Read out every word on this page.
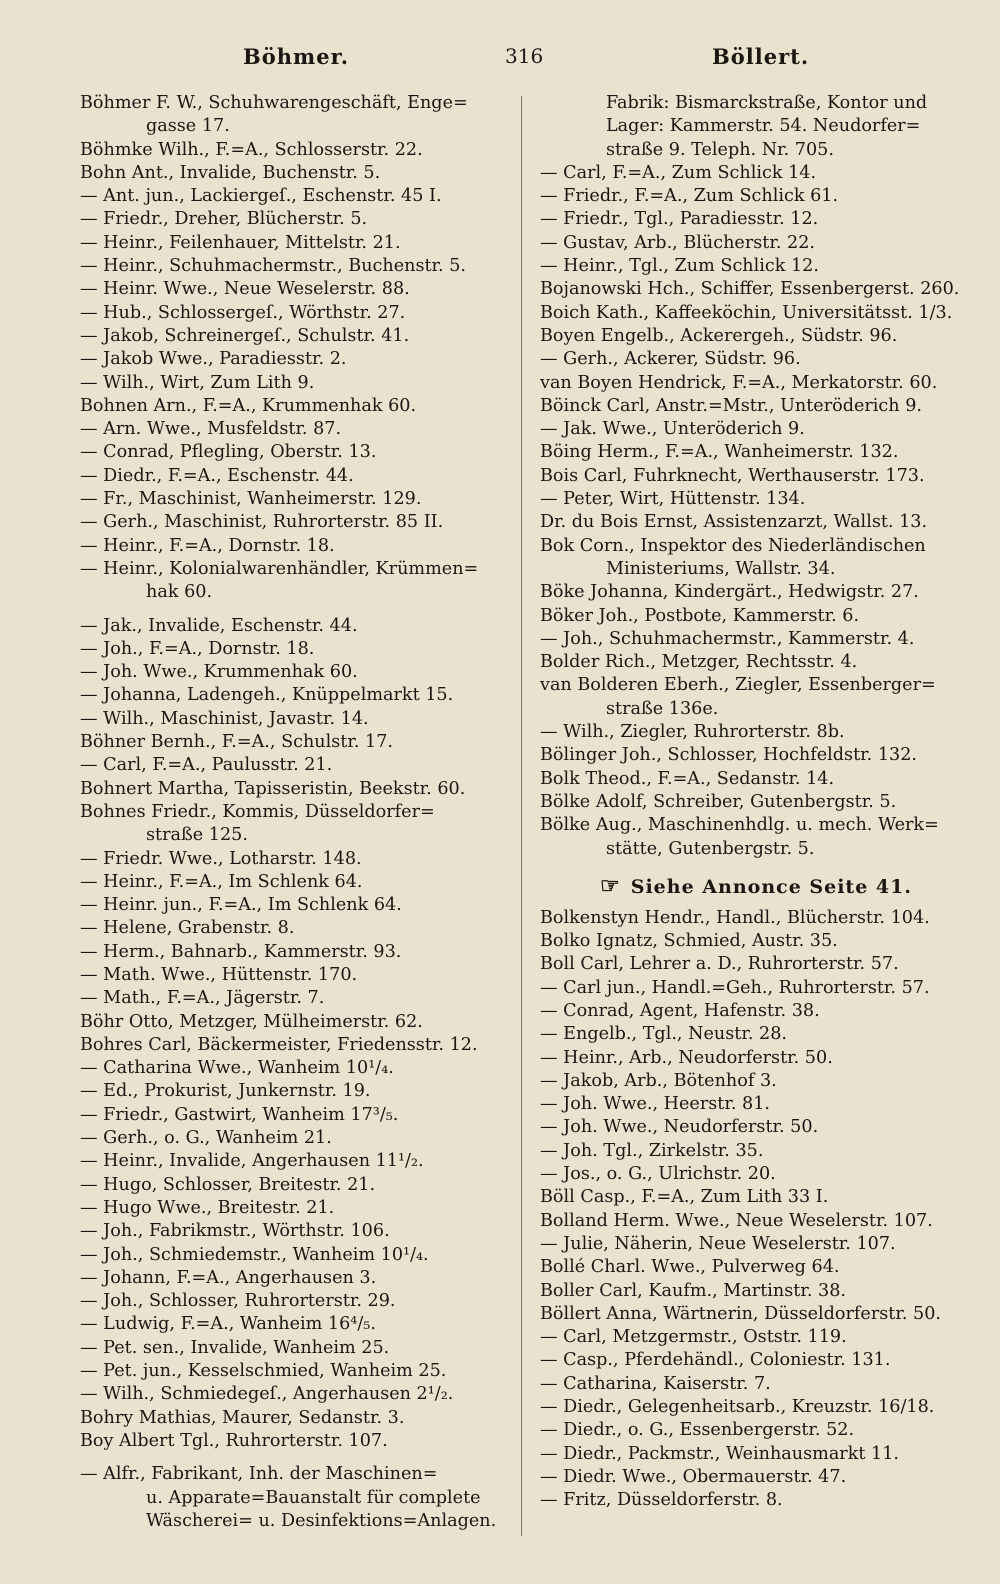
Böhmer.	316	Böllert.
Böhmer F. W., Schuhwarengeschäft, Enge=
gasse 17.
Böhmke Wilh., F.=A., Schlosserstr. 22.
Bohn Ant., Invalide, Buchenstr. 5.
— Ant. jun., Lackiergeſ., Eschenstr. 45 I.
— Friedr., Dreher, Blücherstr. 5.
— Heinr., Feilenhauer, Mittelstr. 21.
— Heinr., Schuhmachermstr., Buchenstr. 5.
— Heinr. Wwe., Neue Weselerstr. 88.
— Hub., Schlossergeſ., Wörthstr. 27.
— Jakob, Schreinergeſ., Schulstr. 41.
— Jakob Wwe., Paradiesstr. 2.
— Wilh., Wirt, Zum Lith 9.
Bohnen Arn., F.=A., Krummenhak 60.
— Arn. Wwe., Musfeldstr. 87.
— Conrad, Pflegling, Oberstr. 13.
— Diedr., F.=A., Eschenstr. 44.
— Fr., Maschinist, Wanheimerstr. 129.
— Gerh., Maschinist, Ruhrorterstr. 85 II.
— Heinr., F.=A., Dornstr. 18.
— Heinr., Kolonialwarenhändler, Krümmen=
hak 60.
— Jak., Invalide, Eschenstr. 44.
— Joh., F.=A., Dornstr. 18.
— Joh. Wwe., Krummenhak 60.
— Johanna, Ladengeh., Knüppelmarkt 15.
— Wilh., Maschinist, Javastr. 14.
Böhner Bernh., F.=A., Schulstr. 17.
— Carl, F.=A., Paulusstr. 21.
Bohnert Martha, Tapisseristin, Beekstr. 60.
Bohnes Friedr., Kommis, Düsseldorfer=
straße 125.
— Friedr. Wwe., Lotharstr. 148.
— Heinr., F.=A., Im Schlenk 64.
— Heinr. jun., F.=A., Im Schlenk 64.
— Helene, Grabenstr. 8.
— Herm., Bahnarb., Kammerstr. 93.
— Math. Wwe., Hüttenstr. 170.
— Math., F.=A., Jägerstr. 7.
Böhr Otto, Metzger, Mülheimerstr. 62.
Bohres Carl, Bäckermeister, Friedensstr. 12.
— Catharina Wwe., Wanheim 10¹/₄.
— Ed., Prokurist, Junkernstr. 19.
— Friedr., Gastwirt, Wanheim 17³/₅.
— Gerh., o. G., Wanheim 21.
— Heinr., Invalide, Angerhausen 11¹/₂.
— Hugo, Schlosser, Breitestr. 21.
— Hugo Wwe., Breitestr. 21.
— Joh., Fabrikmstr., Wörthstr. 106.
— Joh., Schmiedemstr., Wanheim 10¹/₄.
— Johann, F.=A., Angerhausen 3.
— Joh., Schlosser, Ruhrorterstr. 29.
— Ludwig, F.=A., Wanheim 16⁴/₅.
— Pet. sen., Invalide, Wanheim 25.
— Pet. jun., Kesselschmied, Wanheim 25.
— Wilh., Schmiedegeſ., Angerhausen 2¹/₂.
Bohry Mathias, Maurer, Sedanstr. 3.
Boy Albert Tgl., Ruhrorterstr. 107.
— Alfr., Fabrikant, Inh. der Maschinen=
u. Apparate=Bauanstalt für complete
Wäscherei= u. Desinfektions=Anlagen.
Fabrik: Bismarckstraße, Kontor und
Lager: Kammerstr. 54. Neudorfer=
straße 9. Teleph. Nr. 705.
— Carl, F.=A., Zum Schlick 14.
— Friedr., F.=A., Zum Schlick 61.
— Friedr., Tgl., Paradiesstr. 12.
— Gustav, Arb., Blücherstr. 22.
— Heinr., Tgl., Zum Schlick 12.
Bojanowski Hch., Schiffer, Essenbergerst. 260.
Boich Kath., Kaffeeköchin, Universitätsst. 1/3.
Boyen Engelb., Ackerergeh., Südstr. 96.
— Gerh., Ackerer, Südstr. 96.
van Boyen Hendrick, F.=A., Merkatorstr. 60.
Böinck Carl, Anstr.=Mstr., Unteröderich 9.
— Jak. Wwe., Unteröderich 9.
Böing Herm., F.=A., Wanheimerstr. 132.
Bois Carl, Fuhrknecht, Werthauserstr. 173.
— Peter, Wirt, Hüttenstr. 134.
Dr. du Bois Ernst, Assistenzarzt, Wallst. 13.
Bok Corn., Inspektor des Niederländischen
Ministeriums, Wallstr. 34.
Böke Johanna, Kindergärt., Hedwigstr. 27.
Böker Joh., Postbote, Kammerstr. 6.
— Joh., Schuhmachermstr., Kammerstr. 4.
Bolder Rich., Metzger, Rechtsstr. 4.
van Bolderen Eberh., Ziegler, Essenberger=
straße 136e.
— Wilh., Ziegler, Ruhrorterstr. 8b.
Bölinger Joh., Schlosser, Hochfeldstr. 132.
Bolk Theod., F.=A., Sedanstr. 14.
Bölke Adolf, Schreiber, Gutenbergstr. 5.
Bölke Aug., Maschinenhdlg. u. mech. Werk=
stätte, Gutenbergstr. 5.
☞ Siehe Annonce Seite 41.
Bolkenstyn Hendr., Handl., Blücherstr. 104.
Bolko Ignatz, Schmied, Austr. 35.
Boll Carl, Lehrer a. D., Ruhrorterstr. 57.
— Carl jun., Handl.=Geh., Ruhrorterstr. 57.
— Conrad, Agent, Hafenstr. 38.
— Engelb., Tgl., Neustr. 28.
— Heinr., Arb., Neudorferstr. 50.
— Jakob, Arb., Bötenhof 3.
— Joh. Wwe., Heerstr. 81.
— Joh. Wwe., Neudorferstr. 50.
— Joh. Tgl., Zirkelstr. 35.
— Jos., o. G., Ulrichstr. 20.
Böll Casp., F.=A., Zum Lith 33 I.
Bolland Herm. Wwe., Neue Weselerstr. 107.
— Julie, Näherin, Neue Weselerstr. 107.
Bollé Charl. Wwe., Pulverweg 64.
Boller Carl, Kaufm., Martinstr. 38.
Böllert Anna, Wärtnerin, Düsseldorferstr. 50.
— Carl, Metzgermstr., Oststr. 119.
— Casp., Pferdehändl., Coloniestr. 131.
— Catharina, Kaiserstr. 7.
— Diedr., Gelegenheitsarb., Kreuzstr. 16/18.
— Diedr., o. G., Essenbergerstr. 52.
— Diedr., Packmstr., Weinhausmarkt 11.
— Diedr. Wwe., Obermauerstr. 47.
— Fritz, Düsseldorferstr. 8.
